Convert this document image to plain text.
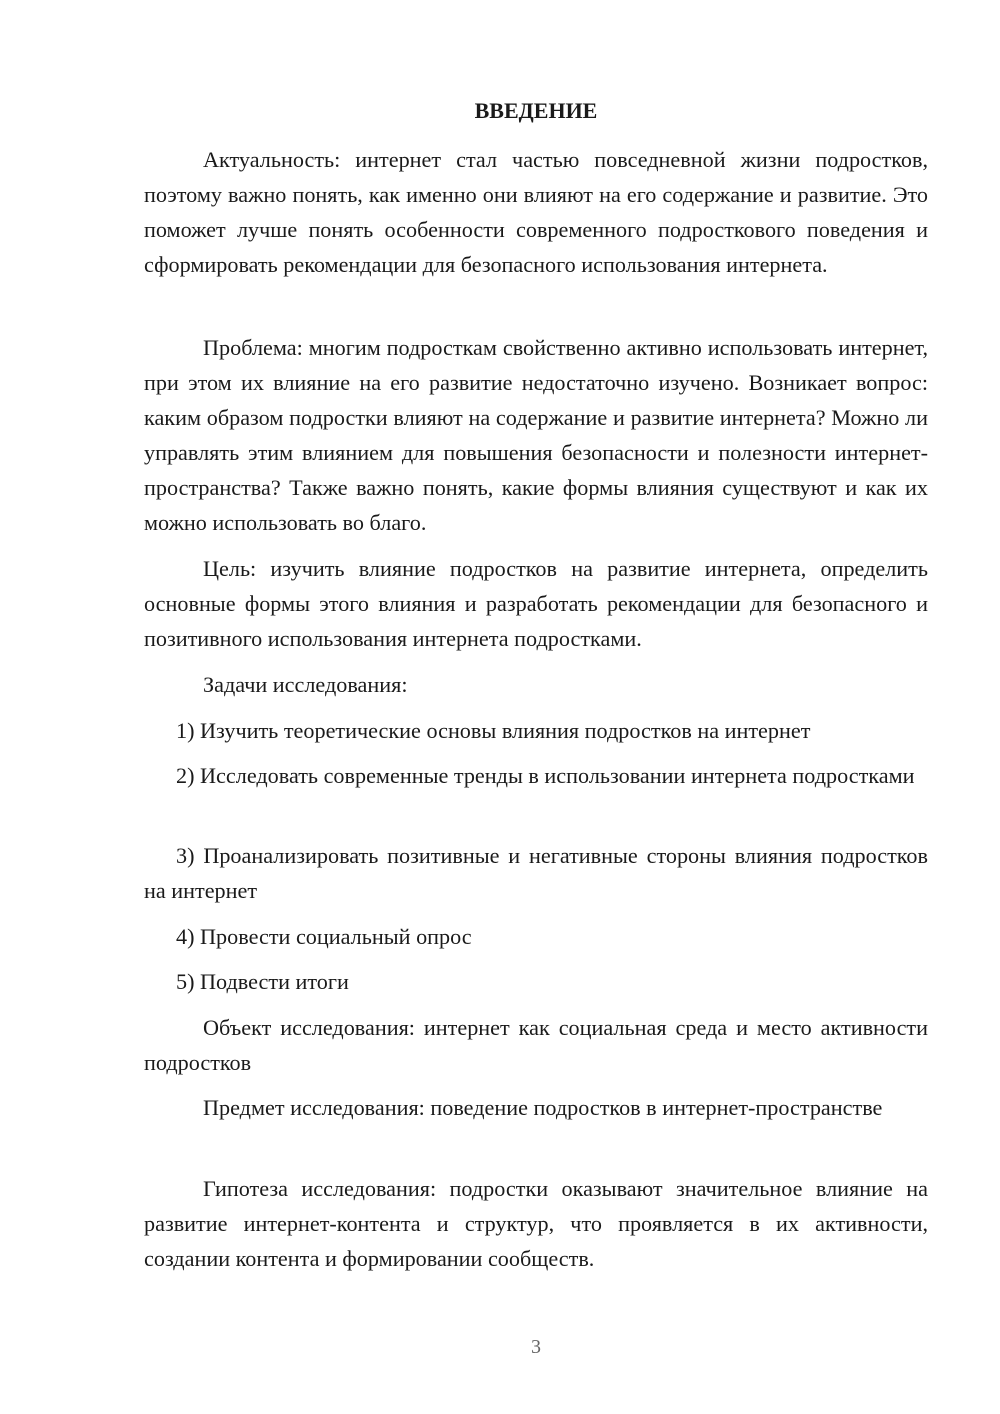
ВВЕДЕНИЕ

Актуальность: интернет стал частью повседневной жизни подростков, поэтому важно понять, как именно они влияют на его содержание и развитие. Это поможет лучше понять особенности современного подросткового поведения и сформировать рекомендации для безопасного использования интернета.

Проблема: многим подросткам свойственно активно использовать интернет, при этом их влияние на его развитие недостаточно изучено. Возникает вопрос: каким образом подростки влияют на содержание и развитие интернета? Можно ли управлять этим влиянием для повышения безопасности и полезности интернет-пространства? Также важно понять, какие формы влияния существуют и как их можно использовать во благо.

Цель: изучить влияние подростков на развитие интернета, определить основные формы этого влияния и разработать рекомендации для безопасного и позитивного использования интернета подростками.

Задачи исследования:

1) Изучить теоретические основы влияния подростков на интернет

2) Исследовать современные тренды в использовании интернета подростками

3) Проанализировать позитивные и негативные стороны влияния подростков на интернет

4) Провести социальный опрос

5) Подвести итоги

Объект исследования: интернет как социальная среда и место активности подростков

Предмет исследования: поведение подростков в интернет-пространстве

Гипотеза исследования: подростки оказывают значительное влияние на развитие интернет-контента и структур, что проявляется в их активности, создании контента и формировании сообществ.

3
